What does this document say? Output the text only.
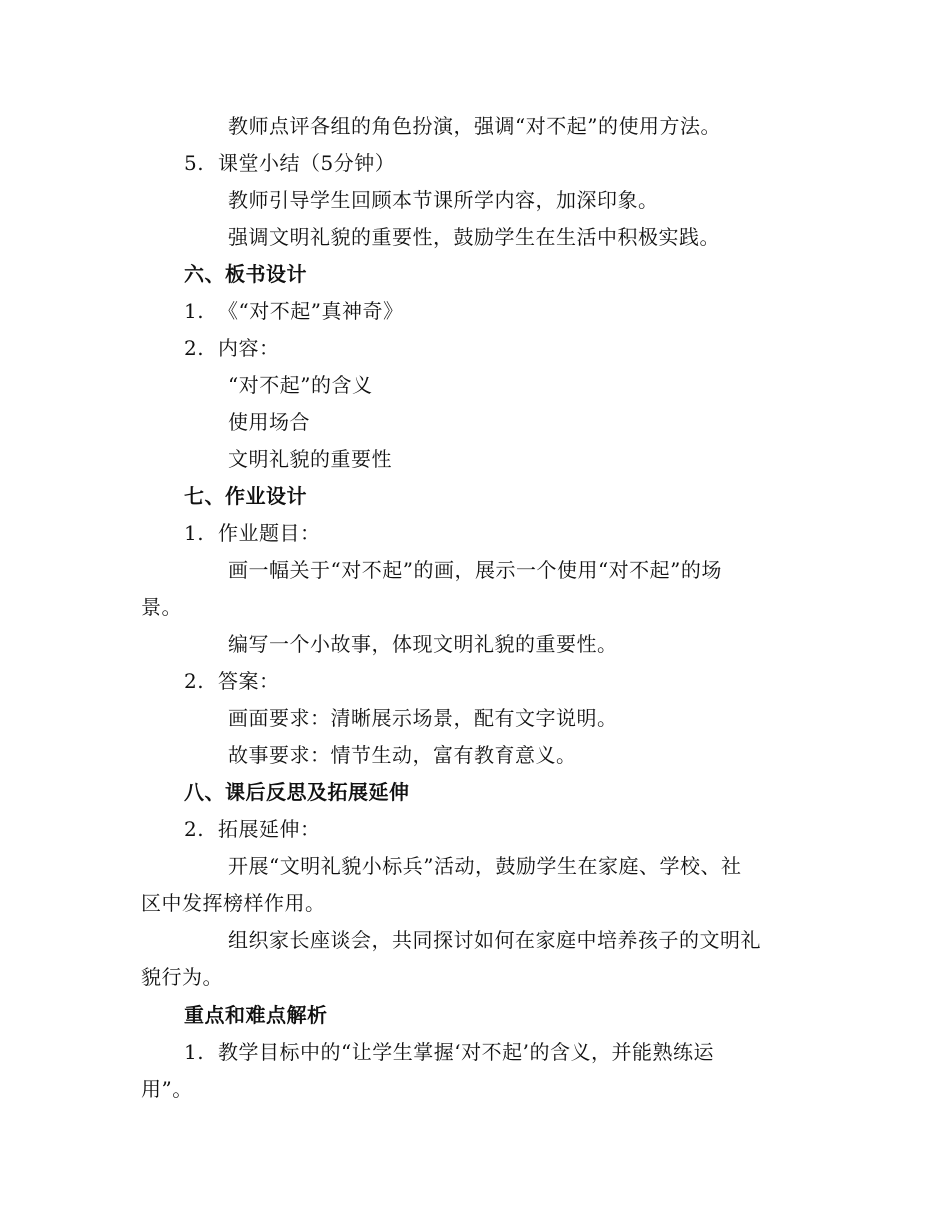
教师点评各组的角色扮演，强调“对不起”的使用方法。
5. 课堂小结（5分钟）
教师引导学生回顾本节课所学内容，加深印象。
强调文明礼貌的重要性，鼓励学生在生活中积极实践。
六、板书设计
1. 《“对不起”真神奇》
2. 内容：
“对不起”的含义
使用场合
文明礼貌的重要性
七、作业设计
1. 作业题目：
画一幅关于“对不起”的画，展示一个使用“对不起”的场
景。
编写一个小故事，体现文明礼貌的重要性。
2. 答案：
画面要求：清晰展示场景，配有文字说明。
故事要求：情节生动，富有教育意义。
八、课后反思及拓展延伸
2. 拓展延伸：
开展“文明礼貌小标兵”活动，鼓励学生在家庭、学校、社
区中发挥榜样作用。
组织家长座谈会，共同探讨如何在家庭中培养孩子的文明礼
貌行为。
重点和难点解析
1. 教学目标中的“让学生掌握‘对不起’的含义，并能熟练运
用”。
